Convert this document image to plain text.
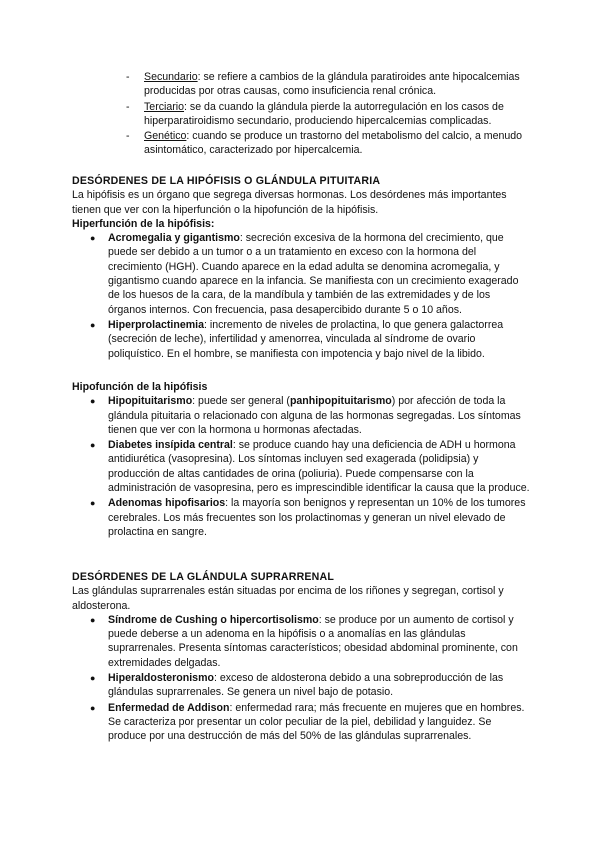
- Secundario: se refiere a cambios de la glándula paratiroides ante hipocalcemias producidas por otras causas, como insuficiencia renal crónica.
- Terciario: se da cuando la glándula pierde la autorregulación en los casos de hiperparatiroidismo secundario, produciendo hipercalcemias complicadas.
- Genético: cuando se produce un trastorno del metabolismo del calcio, a menudo asintomático, caracterizado por hipercalcemia.

DESÓRDENES DE LA HIPÓFISIS O GLÁNDULA PITUITARIA

La hipófisis es un órgano que segrega diversas hormonas. Los desórdenes más importantes tienen que ver con la hiperfunción o la hipofunción de la hipófisis.

Hiperfunción de la hipófisis:

● Acromegalia y gigantismo: secreción excesiva de la hormona del crecimiento, que puede ser debido a un tumor o a un tratamiento en exceso con la hormona del crecimiento (HGH). Cuando aparece en la edad adulta se denomina acromegalia, y gigantismo cuando aparece en la infancia. Se manifiesta con un crecimiento exagerado de los huesos de la cara, de la mandíbula y también de las extremidades y de los órganos internos. Con frecuencia, pasa desapercibido durante 5 o 10 años.
● Hiperprolactinemia: incremento de niveles de prolactina, lo que genera galactorrea (secreción de leche), infertilidad y amenorrea, vinculada al síndrome de ovario poliquístico. En el hombre, se manifiesta con impotencia y bajo nivel de la libido.

Hipofunción de la hipófisis

● Hipopituitarismo: puede ser general (panhipopituitarismo) por afección de toda la glándula pituitaria o relacionado con alguna de las hormonas segregadas. Los síntomas tienen que ver con la hormona u hormonas afectadas.
● Diabetes insípida central: se produce cuando hay una deficiencia de ADH u hormona antidiurética (vasopresina). Los síntomas incluyen sed exagerada (polidipsia) y producción de altas cantidades de orina (poliuria). Puede compensarse con la administración de vasopresina, pero es imprescindible identificar la causa que la produce.
● Adenomas hipofisarios: la mayoría son benignos y representan un 10% de los tumores cerebrales. Los más frecuentes son los prolactinomas y generan un nivel elevado de prolactina en sangre.

DESÓRDENES DE LA GLÁNDULA SUPRARRENAL

Las glándulas suprarrenales están situadas por encima de los riñones y segregan, cortisol y aldosterona.

● Síndrome de Cushing o hipercortisolismo: se produce por un aumento de cortisol y puede deberse a un adenoma en la hipófisis o a anomalías en las glándulas suprarrenales. Presenta síntomas característicos; obesidad abdominal prominente, con extremidades delgadas.
● Hiperaldosteronismo: exceso de aldosterona debido a una sobreproducción de las glándulas suprarrenales. Se genera un nivel bajo de potasio.
● Enfermedad de Addison: enfermedad rara; más frecuente en mujeres que en hombres. Se caracteriza por presentar un color peculiar de la piel, debilidad y languidez. Se produce por una destrucción de más del 50% de las glándulas suprarrenales.
